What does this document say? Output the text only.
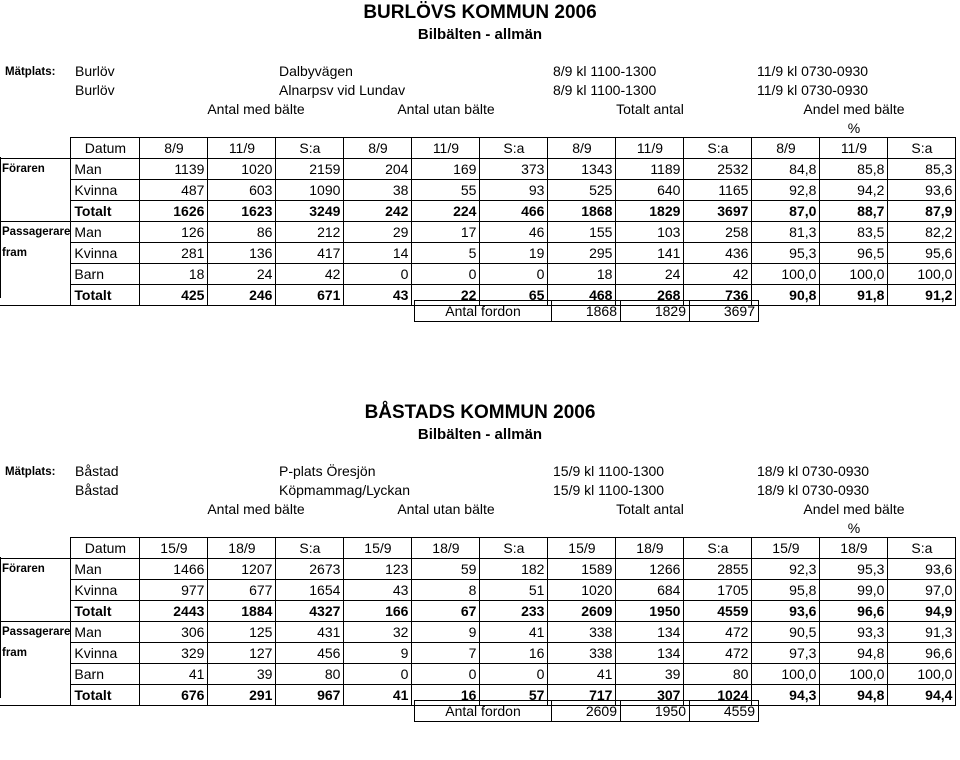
BURLÖVS KOMMUN 2006
Bilbälten - allmän
Mätplats: Burlöv	Dalbyvägen	8/9 kl 1100-1300	11/9 kl 0730-0930
Burlöv	Alnarpsv vid Lundav	8/9 kl 1100-1300	11/9 kl 0730-0930
Antal med bälte	Antal utan bälte	Totalt antal	Andel med bälte
%
	Datum	8/9	11/9	S:a	8/9	11/9	S:a	8/9	11/9	S:a	8/9	11/9	S:a
Föraren	Man	1139	1020	2159	204	169	373	1343	1189	2532	84,8	85,8	85,3
	Kvinna	487	603	1090	38	55	93	525	640	1165	92,8	94,2	93,6
	Totalt	1626	1623	3249	242	224	466	1868	1829	3697	87,0	88,7	87,9
Passagerare	Man	126	86	212	29	17	46	155	103	258	81,3	83,5	82,2
fram	Kvinna	281	136	417	14	5	19	295	141	436	95,3	96,5	95,6
	Barn	18	24	42	0	0	0	18	24	42	100,0	100,0	100,0
	Totalt	425	246	671	43	22	65	468	268	736	90,8	91,8	91,2
Antal fordon	1868	1829	3697
BÅSTADS KOMMUN 2006
Bilbälten - allmän
Mätplats: Båstad	P-plats Öresjön	15/9 kl 1100-1300	18/9 kl 0730-0930
Båstad	Köpmammag/Lyckan	15/9 kl 1100-1300	18/9 kl 0730-0930
Antal med bälte	Antal utan bälte	Totalt antal	Andel med bälte
%
	Datum	15/9	18/9	S:a	15/9	18/9	S:a	15/9	18/9	S:a	15/9	18/9	S:a
Föraren	Man	1466	1207	2673	123	59	182	1589	1266	2855	92,3	95,3	93,6
	Kvinna	977	677	1654	43	8	51	1020	684	1705	95,8	99,0	97,0
	Totalt	2443	1884	4327	166	67	233	2609	1950	4559	93,6	96,6	94,9
Passagerare	Man	306	125	431	32	9	41	338	134	472	90,5	93,3	91,3
fram	Kvinna	329	127	456	9	7	16	338	134	472	97,3	94,8	96,6
	Barn	41	39	80	0	0	0	41	39	80	100,0	100,0	100,0
	Totalt	676	291	967	41	16	57	717	307	1024	94,3	94,8	94,4
Antal fordon	2609	1950	4559
